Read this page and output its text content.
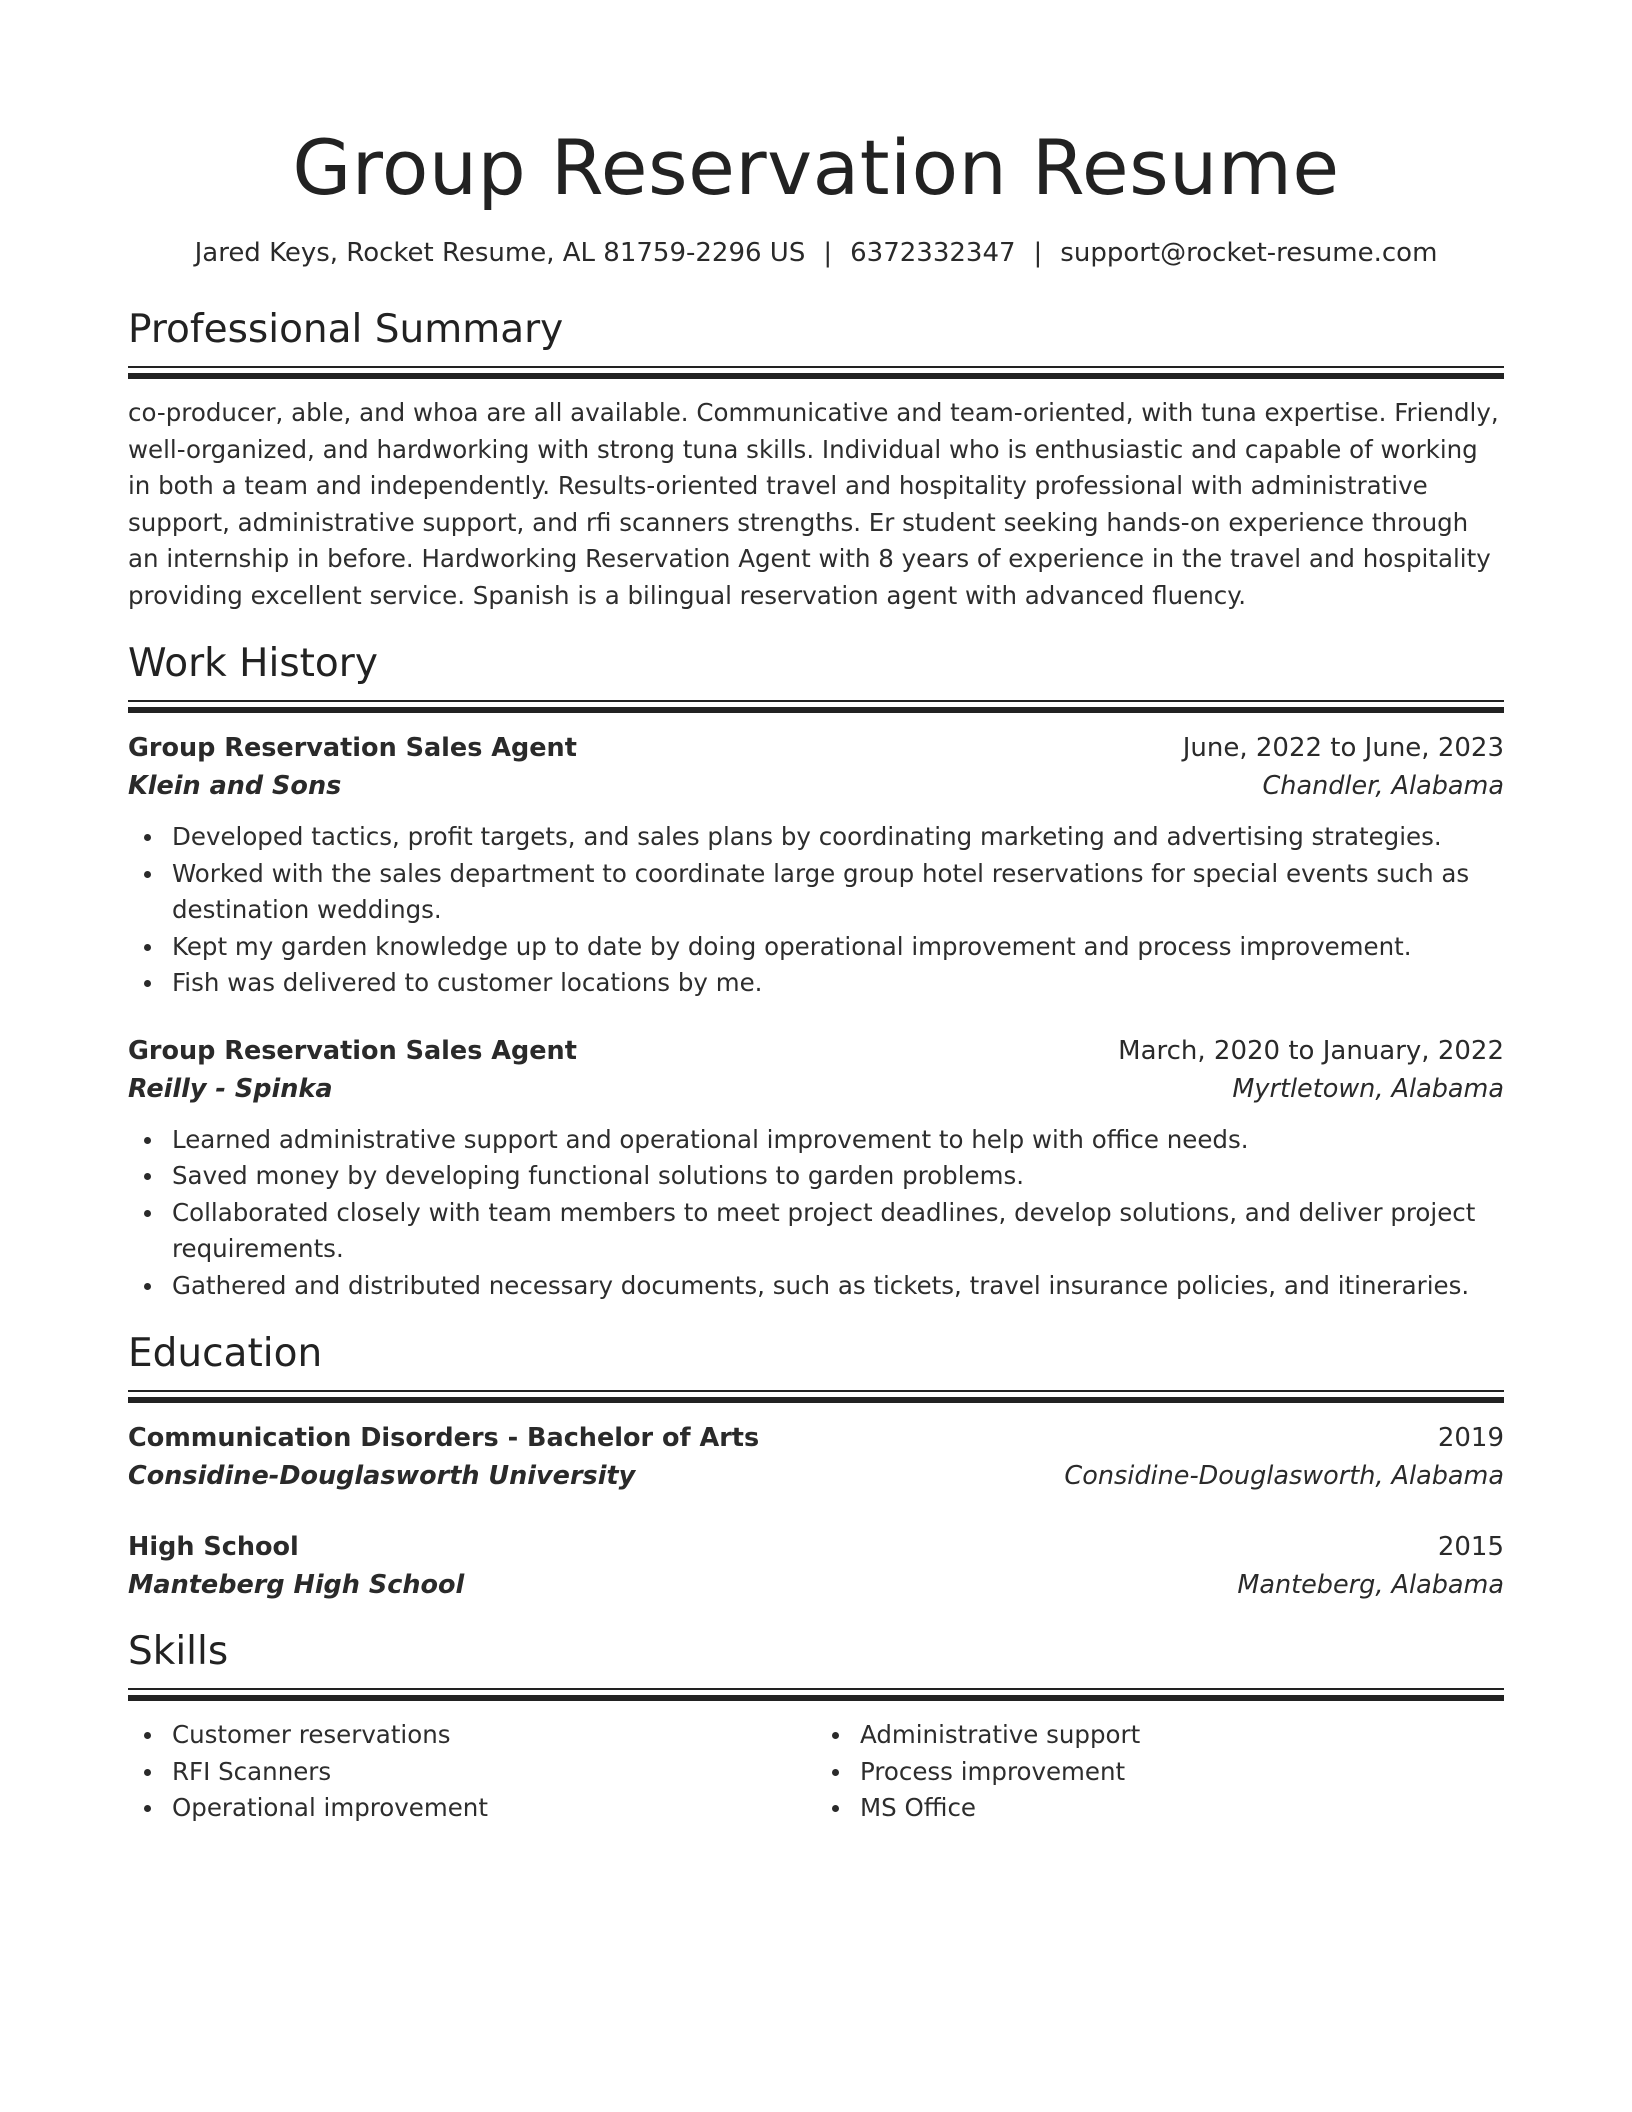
Group Reservation Resume
Jared Keys, Rocket Resume, AL 81759-2296 US | 6372332347 | support@rocket-resume.com
Professional Summary

co-producer, able, and whoa are all available. Communicative and team-oriented, with tuna expertise. Friendly, well-organized, and hardworking with strong tuna skills. Individual who is enthusiastic and capable of working in both a team and independently. Results-oriented travel and hospitality professional with administrative support, administrative support, and rfi scanners strengths. Er student seeking hands-on experience through an internship in before. Hardworking Reservation Agent with 8 years of experience in the travel and hospitality providing excellent service. Spanish is a bilingual reservation agent with advanced fluency.

Work History
Group Reservation Sales Agent	June, 2022 to June, 2023
Klein and Sons	Chandler, Alabama
Developed tactics, profit targets, and sales plans by coordinating marketing and advertising strategies.
Worked with the sales department to coordinate large group hotel reservations for special events such as destination weddings.
Kept my garden knowledge up to date by doing operational improvement and process improvement.
Fish was delivered to customer locations by me.
Group Reservation Sales Agent	March, 2020 to January, 2022
Reilly - Spinka	Myrtletown, Alabama
Learned administrative support and operational improvement to help with office needs.
Saved money by developing functional solutions to garden problems.
Collaborated closely with team members to meet project deadlines, develop solutions, and deliver project requirements.
Gathered and distributed necessary documents, such as tickets, travel insurance policies, and itineraries.
Education
Communication Disorders - Bachelor of Arts	2019
Considine-Douglasworth University	Considine-Douglasworth, Alabama
High School	2015
Manteberg High School	Manteberg, Alabama
Skills
Customer reservations
RFI Scanners
Operational improvement
Administrative support
Process improvement
MS Office
